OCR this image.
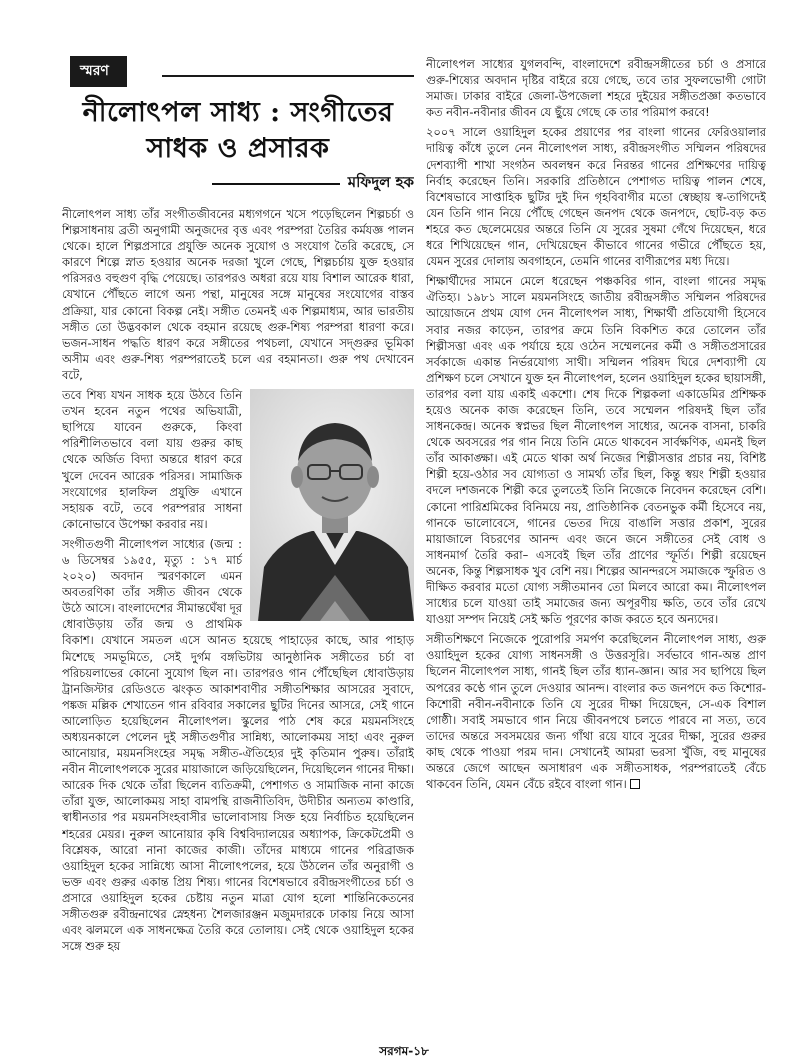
স্মরণ
নীলোৎপল সাধ্য : সংগীতের সাধক ও প্রসারক
মফিদুল হক

নীলোৎপল সাধ্য তাঁর সংগীতজীবনের মধ্যগগনে খসে পড়েছিলেন শিল্পচর্চা ও শিল্পসাধনায় ব্রতী অনুগামী অনুজদের বৃত্ত এবং পরম্পরা তৈরির কর্মযজ্ঞ পালন থেকে। হালে শিল্পপ্রসারে প্রযুক্তি অনেক সুযোগ ও সংযোগ তৈরি করেছে, সে কারণে শিল্পে স্নাত হওয়ার অনেক দরজা খুলে গেছে, শিল্পচর্চায় যুক্ত হওয়ার পরিসরও বহুগুণ বৃদ্ধি পেয়েছে। তারপরও অধরা রয়ে যায় বিশাল আরেক ধারা, যেখানে পৌঁছতে লাগে অন্য পন্থা, মানুষের সঙ্গে মানুষের সংযোগের বাস্তব প্রক্রিয়া, যার কোনো বিকল্প নেই। সঙ্গীত তেমনই এক শিল্পমাধ্যম, আর ভারতীয় সঙ্গীত তো উদ্ভবকাল থেকে বহমান রয়েছে গুরু-শিষ্য পরম্পরা ধারণা করে। ভজন-সাধন পদ্ধতি ধারণ করে সঙ্গীতের পথচলা, যেখানে সদ্গুরুর ভূমিকা অসীম এবং গুরু-শিষ্য পরম্পরাতেই চলে এর বহমানতা। গুরু পথ দেখাবেন বটে,

তবে শিষ্য যখন সাধক হয়ে উঠবে তিনি তখন হবেন নতুন পথের অভিযাত্রী, ছাপিয়ে যাবেন গুরুকে, কিংবা পরিশীলিতভাবে বলা যায় গুরুর কাছ থেকে অর্জিত বিদ্যা অন্তরে ধারণ করে খুলে দেবেন আরেক পরিসর। সামাজিক সংযোগের হালফিল প্রযুক্তি এখানে সহায়ক বটে, তবে পরম্পরার সাধনা কোনোভাবে উপেক্ষা করবার নয়।

সংগীতগুণী নীলোৎপল সাধ্যের (জন্ম : ৬ ডিসেম্বর ১৯৫৫, মৃত্যু : ১৭ মার্চ ২০২০) অবদান স্মরণকালে এমন অবতরণিকা তাঁর সঙ্গীত জীবন থেকে উঠে আসে। বাংলাদেশের সীমান্তঘেঁষা দূর ধোবাউড়ায় তাঁর জন্ম ও প্রাথমিক বিকাশ। যেখানে সমতল এসে আনত হয়েছে পাহাড়ের কাছে, আর পাহাড় মিশেছে সমভূমিতে, সেই দুর্গম বঙ্গভিটায় আনুষ্ঠানিক সঙ্গীতের চর্চা বা পরিচয়লাভের কোনো সুযোগ ছিল না। তারপরও গান পৌঁছেছিল ধোবাউড়ায় ট্রানজিস্টার রেডিওতে ঝংকৃত আকাশবাণীর সঙ্গীতশিক্ষার আসরের সুবাদে, পঙ্কজ মল্লিক শেখাতেন গান রবিবার সকালের ছুটির দিনের আসরে, সেই গানে আলোড়িত হয়েছিলেন নীলোৎপল। স্কুলের পাঠ শেষ করে ময়মনসিংহে অধ্যয়নকালে পেলেন দুই সঙ্গীতগুণীর সান্নিধ্য, আলোকময় সাহা এবং নুরুল আনোয়ার, ময়মনসিংহের সমৃদ্ধ সঙ্গীত-ঐতিহ্যের দুই কৃতিমান পুরুষ। তাঁরাই নবীন নীলোৎপলকে সুরের মায়াজালে জড়িয়েছিলেন, দিয়েছিলেন গানের দীক্ষা। আরেক দিক থেকে তাঁরা ছিলেন ব্যতিক্রমী, পেশাগত ও সামাজিক নানা কাজে তাঁরা যুক্ত, আলোকময় সাহা বামপন্থি রাজনীতিবিদ, উদীচীর অন্যতম কাণ্ডারি, স্বাধীনতার পর ময়মনসিংহবাসীর ভালোবাসায় সিক্ত হয়ে নির্বাচিত হয়েছিলেন শহরের মেয়র। নুরুল আনোয়ার কৃষি বিশ্ববিদ্যালয়ের অধ্যাপক, ক্রিকেটপ্রেমী ও বিশ্লেষক, আরো নানা কাজের কাজী। তাঁদের মাধ্যমে গানের পরিব্রাজক ওয়াহিদুল হকের সান্নিধ্যে আসা নীলোৎপলের, হয়ে উঠলেন তাঁর অনুরাগী ও ভক্ত এবং গুরুর একান্ত প্রিয় শিষ্য। গানের বিশেষভাবে রবীন্দ্রসংগীতের চর্চা ও প্রসারে ওয়াহিদুল হকের চেষ্টায় নতুন মাত্রা যোগ হলো শান্তিনিকেতনের সঙ্গীতগুরু রবীন্দ্রনাথের স্নেহধন্য শৈলজারঞ্জন মজুমদারকে ঢাকায় নিয়ে আসা এবং ঝলমলে এক সাধনক্ষেত্র তৈরি করে তোলায়। সেই থেকে ওয়াহিদুল হকের সঙ্গে শুরু হয়

নীলোৎপল সাধ্যের যুগলবন্দি, বাংলাদেশে রবীন্দ্রসঙ্গীতের চর্চা ও প্রসারে গুরু-শিষ্যের অবদান দৃষ্টির বাইরে রয়ে গেছে, তবে তার সুফলভোগী গোটা সমাজ। ঢাকার বাইরে জেলা-উপজেলা শহরে দুইয়ের সঙ্গীতপ্রজ্ঞা কতভাবে কত নবীন-নবীনার জীবন যে ছুঁয়ে গেছে কে তার পরিমাপ করবে!

২০০৭ সালে ওয়াহিদুল হকের প্রয়াণের পর বাংলা গানের ফেরিওয়ালার দায়িত্ব কাঁধে তুলে নেন নীলোৎপল সাধ্য, রবীন্দ্রসংগীত সম্মিলন পরিষদের দেশব্যাপী শাখা সংগঠন অবলম্বন করে নিরন্তর গানের প্রশিক্ষণের দায়িত্ব নির্বাহ করেছেন তিনি। সরকারি প্রতিষ্ঠানে পেশাগত দায়িত্ব পালন শেষে, বিশেষভাবে সাপ্তাহিক ছুটির দুই দিন গৃহবিবাগীর মতো স্বেচ্ছায় স্ব-তাগিদেই যেন তিনি গান নিয়ে পৌঁছে গেছেন জনপদ থেকে জনপদে, ছোট-বড় কত শহরে কত ছেলেমেয়ের অন্তরে তিনি যে সুরের সুষমা গেঁথে দিয়েছেন, ধরে ধরে শিখিয়েছেন গান, দেখিয়েছেন কীভাবে গানের গভীরে পৌঁছতে হয়, যেমন সুরের দোলায় অবগাহনে, তেমনি গানের বাণীরূপের মধ্য দিয়ে।

শিক্ষার্থীদের সামনে মেলে ধরেছেন পঞ্চকবির গান, বাংলা গানের সমৃদ্ধ ঐতিহ্য। ১৯৮১ সালে ময়মনসিংহে জাতীয় রবীন্দ্রসঙ্গীত সম্মিলন পরিষদের আয়োজনে প্রথম যোগ দেন নীলোৎপল সাধ্য, শিক্ষার্থী প্রতিযোগী হিসেবে সবার নজর কাড়েন, তারপর ক্রমে তিনি বিকশিত করে তোলেন তাঁর শিল্পীসত্তা এবং এক পর্যায়ে হয়ে ওঠেন সম্মেলনের কর্মী ও সঙ্গীতপ্রসারের সর্বকাজে একান্ত নির্ভরযোগ্য সাথী। সম্মিলন পরিষদ ঘিরে দেশব্যাপী যে প্রশিক্ষণ চলে সেখানে যুক্ত হন নীলোৎপল, হলেন ওয়াহিদুল হকের ছায়াসঙ্গী, তারপর বলা যায় একাই একশো। শেষ দিকে শিল্পকলা একাডেমির প্রশিক্ষক হয়েও অনেক কাজ করেছেন তিনি, তবে সম্মেলন পরিষদই ছিল তাঁর সাধনকেন্দ্র। অনেক স্বপ্নভর ছিল নীলোৎপল সাধ্যের, অনেক বাসনা, চাকরি থেকে অবসরের পর গান নিয়ে তিনি মেতে থাকবেন সার্বক্ষণিক, এমনই ছিল তাঁর আকাঙ্ক্ষা। এই মেতে থাকা অর্থ নিজের শিল্পীসত্তার প্রচার নয়, বিশিষ্ট শিল্পী হয়ে-ওঠার সব যোগ্যতা ও সামর্থ্য তাঁর ছিল, কিন্তু স্বয়ং শিল্পী হওয়ার বদলে দশজনকে শিল্পী করে তুলতেই তিনি নিজেকে নিবেদন করেছেন বেশি। কোনো পারিশ্রমিকের বিনিময়ে নয়, প্রাতিষ্ঠানিক বেতনভুক কর্মী হিসেবে নয়, গানকে ভালোবেসে, গানের ভেতর দিয়ে বাঙালি সত্তার প্রকাশ, সুরের মায়াজালে বিচরণের আনন্দ এবং জনে জনে সঙ্গীতের সেই বোধ ও সাধনমার্গ তৈরি করা– এসবেই ছিল তাঁর প্রাণের স্ফূর্তি। শিল্পী রয়েছেন অনেক, কিন্তু শিল্পসাধক খুব বেশি নয়। শিল্পের আনন্দরসে সমাজকে স্ফুরিত ও দীক্ষিত করবার মতো যোগ্য সঙ্গীতমানব তো মিলবে আরো কম। নীলোৎপল সাধ্যের চলে যাওয়া তাই সমাজের জন্য অপূরণীয় ক্ষতি, তবে তাঁর রেখে যাওয়া সম্পদ নিয়েই সেই ক্ষতি পূরণের কাজ করতে হবে অন্যদের।

সঙ্গীতশিক্ষণে নিজেকে পুরোপরি সমর্পণ করেছিলেন নীলোৎপল সাধ্য, গুরু ওয়াহিদুল হকের যোগ্য সাধনসঙ্গী ও উত্তরসূরি। সর্বভাবে গান-অন্ত প্রাণ ছিলেন নীলোৎপল সাধ্য, গানই ছিল তাঁর ধ্যান-জ্ঞান। আর সব ছাপিয়ে ছিল অপরের কণ্ঠে গান তুলে দেওয়ার আনন্দ। বাংলার কত জনপদে কত কিশোর-কিশোরী নবীন-নবীনাকে তিনি যে সুরের দীক্ষা দিয়েছেন, সে-এক বিশাল গোষ্ঠী। সবাই সমভাবে গান নিয়ে জীবনপথে চলতে পারবে না সত্য, তবে তাদের অন্তরে সবসময়ের জন্য গাঁথা রয়ে যাবে সুরের দীক্ষা, সুরের গুরুর কাছ থেকে পাওয়া পরম দান। সেখানেই আমরা ভরসা খুঁজি, বহু মানুষের অন্তরে জেগে আছেন অসাধারণ এক সঙ্গীতসাধক, পরম্পরাতেই বেঁচে থাকবেন তিনি, যেমন বেঁচে রইবে বাংলা গান।

সরগম-১৮
